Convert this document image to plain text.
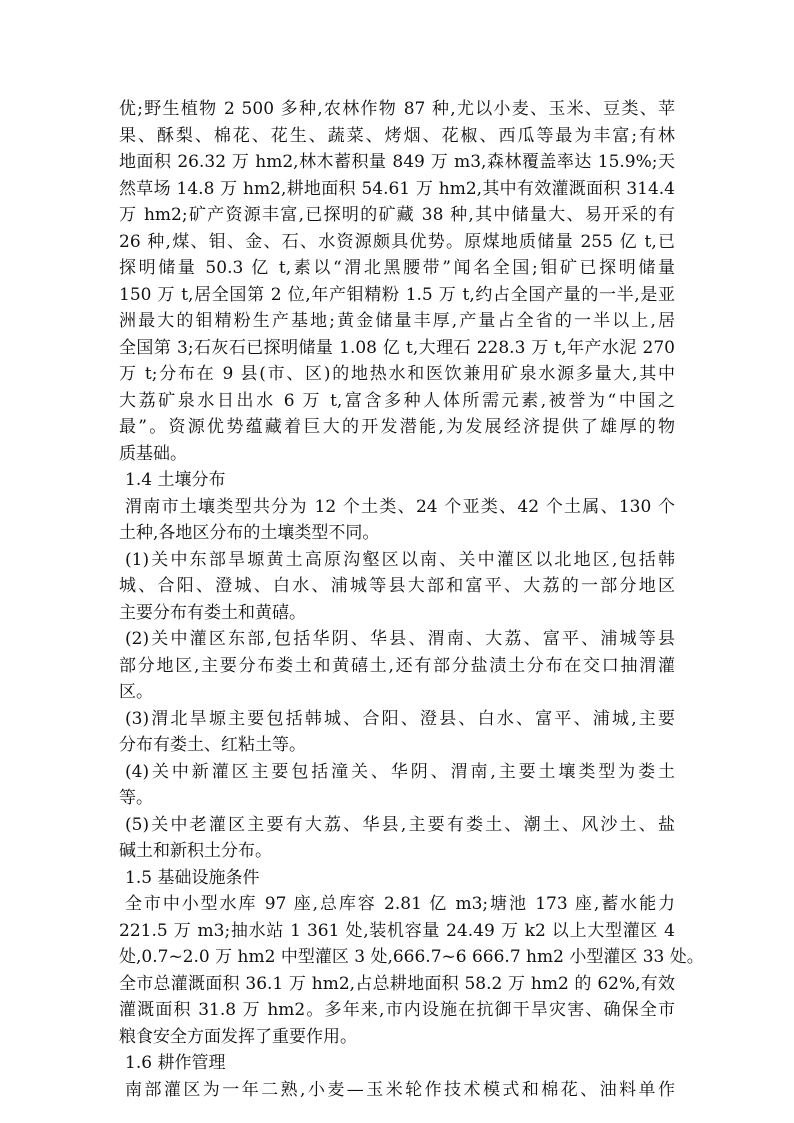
优;野生植物 2 500 多种,农林作物 87 种,尤以小麦、玉米、豆类、苹
果、酥梨、棉花、花生、蔬菜、烤烟、花椒、西瓜等最为丰富;有林
地面积 26.32 万 hm2,林木蓄积量 849 万 m3,森林覆盖率达 15.9%;天
然草场 14.8 万 hm2,耕地面积 54.61 万 hm2,其中有效灌溉面积 314.4
万 hm2;矿产资源丰富,已探明的矿藏 38 种,其中储量大、易开采的有
26 种,煤、钼、金、石、水资源颇具优势。原煤地质储量 255 亿 t,已
探明储量 50.3 亿 t,素以“渭北黑腰带”闻名全国;钼矿已探明储量
150 万 t,居全国第 2 位,年产钼精粉 1.5 万 t,约占全国产量的一半,是亚
洲最大的钼精粉生产基地;黄金储量丰厚,产量占全省的一半以上,居
全国第 3;石灰石已探明储量 1.08 亿 t,大理石 228.3 万 t,年产水泥 270
万 t;分布在 9 县(市、区)的地热水和医饮兼用矿泉水源多量大,其中
大荔矿泉水日出水 6 万 t,富含多种人体所需元素,被誉为“中国之
最”。资源优势蕴藏着巨大的开发潜能,为发展经济提供了雄厚的物
质基础。
1.4 土壤分布
渭南市土壤类型共分为 12 个土类、24 个亚类、42 个土属、130 个
土种,各地区分布的土壤类型不同。
(1)关中东部旱塬黄土高原沟壑区以南、关中灌区以北地区,包括韩
城、合阳、澄城、白水、浦城等县大部和富平、大荔的一部分地区
主要分布有娄土和黄礂。
(2)关中灌区东部,包括华阴、华县、渭南、大荔、富平、浦城等县
部分地区,主要分布娄土和黄礂土,还有部分盐渍土分布在交口抽渭灌
区。
(3)渭北旱塬主要包括韩城、合阳、澄县、白水、富平、浦城,主要
分布有娄土、红粘土等。
(4)关中新灌区主要包括潼关、华阴、渭南,主要土壤类型为娄土
等。
(5)关中老灌区主要有大荔、华县,主要有娄土、潮土、风沙土、盐
碱土和新积土分布。
1.5 基础设施条件
全市中小型水库 97 座,总库容 2.81 亿 m3;塘池 173 座,蓄水能力
221.5 万 m3;抽水站 1 361 处,装机容量 24.49 万 k2 以上大型灌区 4
处,0.7~2.0 万 hm2 中型灌区 3 处,666.7~6 666.7 hm2 小型灌区 33 处。
全市总灌溉面积 36.1 万 hm2,占总耕地面积 58.2 万 hm2 的 62%,有效
灌溉面积 31.8 万 hm2。多年来,市内设施在抗御干旱灾害、确保全市
粮食安全方面发挥了重要作用。
1.6 耕作管理
南部灌区为一年二熟,小麦—玉米轮作技术模式和棉花、油料单作
